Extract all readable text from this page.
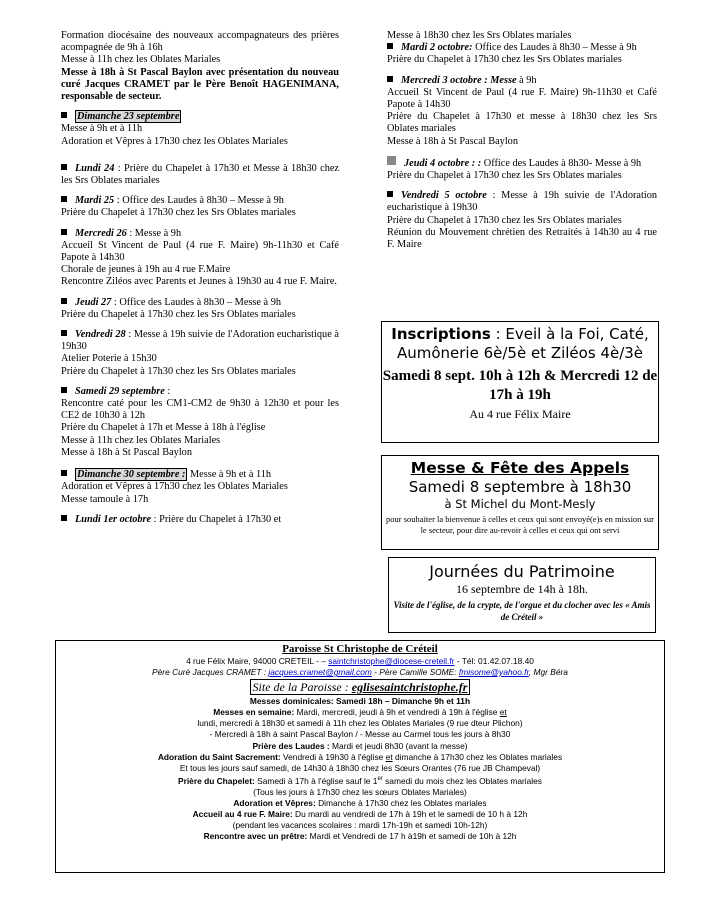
Formation diocésaine des nouveaux accompagnateurs des prières acompagnée de 9h à 16h
Messe à 11h chez les Oblates Mariales
Messe à 18h à St Pascal Baylon avec présentation du nouveau curé Jacques CRAMET par le Père Benoît HAGENIMANA, responsable de secteur.
Dimanche 23 septembre
Messe à 9h et à 11h
Adoration et Vêpres à 17h30 chez les Oblates Mariales
Lundi 24 : Prière du Chapelet à 17h30 et Messe à 18h30 chez les Srs Oblates mariales
Mardi 25 : Office des Laudes à 8h30 – Messe à 9h
Prière du Chapelet à 17h30 chez les Srs Oblates mariales
Mercredi 26 : Messe à 9h
Accueil St Vincent de Paul (4 rue F. Maire) 9h-11h30 et Café Papote à 14h30
Chorale de jeunes à 19h au 4 rue F.Maire
Rencontre Ziléos avec Parents et Jeunes à 19h30 au 4 rue F. Maire.
Jeudi 27 : Office des Laudes à 8h30 – Messe à 9h
Prière du Chapelet à 17h30 chez les Srs Oblates mariales
Vendredi 28 : Messe à 19h suivie de l'Adoration eucharistique à 19h30
Atelier Poterie à 15h30
Prière du Chapelet à 17h30 chez les Srs Oblates mariales
Samedi 29 septembre :
Rencontre caté pour les CM1-CM2 de 9h30 à 12h30 et pour les CE2 de 10h30 à 12h
Prière du Chapelet à 17h et Messe à 18h à l'église
Messe à 11h chez les Oblates Mariales
Messe à 18h à St Pascal Baylon
Dimanche 30 septembre : Messe à 9h et à 11h
Adoration et Vêpres à 17h30 chez les Oblates Mariales
Messe tamoule à 17h
Lundi 1er octobre : Prière du Chapelet à 17h30 et
Messe à 18h30 chez les Srs Oblates mariales
Mardi 2 octobre: Office des Laudes à 8h30 – Messe à 9h
Prière du Chapelet à 17h30 chez les Srs Oblates mariales
Mercredi 3 octobre : Messe à 9h
Accueil St Vincent de Paul (4 rue F. Maire) 9h-11h30 et Café Papote à 14h30
Prière du Chapelet à 17h30 et messe à 18h30 chez les Srs Oblates mariales
Messe à 18h à St Pascal Baylon
Jeudi 4 octobre : : Office des Laudes à 8h30- Messe à 9h
Prière du Chapelet à 17h30 chez les Srs Oblates mariales
Vendredi 5 octobre : Messe à 19h suivie de l'Adoration eucharistique à 19h30
Prière du Chapelet à 17h30 chez les Srs Oblates mariales
Réunion du Mouvement chrétien des Retraités à 14h30 au 4 rue F. Maire
Inscriptions : Eveil à la Foi, Caté, Aumônerie 6è/5è et Ziléos 4è/3è
Samedi 8 sept. 10h à 12h & Mercredi 12 de 17h à 19h
Au 4 rue Félix Maire
Messe & Fête des Appels
Samedi 8 septembre à 18h30
à St Michel du Mont-Mesly
pour souhaiter la bienvenue à celles et ceux qui sont envoyé(e)s en mission sur le secteur, pour dire au-revoir à celles et ceux qui ont servi
Journées du Patrimoine
16 septembre de 14h à 18h.
Visite de l'église, de la crypte, de l'orgue et du clocher avec les « Amis de Créteil »
Paroisse St Christophe de Créteil
4 rue Félix Maire, 94000 CRETEIL - – saintchristophe@diocese-creteil.fr - Tél: 01.42.07.18.40
Père Curé Jacques CRAMET : jacques.cramet@gmail.com - Père Camille SOME: fmisome@yahoo.fr, Mgr Béra
Site de la Paroisse : eglisesaintchristophe.fr
Messes dominicales: Samedi 18h – Dimanche 9h et 11h
Messes en semaine: Mardi, mercredi, jeudi à 9h et vendredi à 19h à l'église et
lundi, mercredi à 18h30 et samedi à 11h chez les Oblates Mariales (9 rue dteur Plichon)
- Mercredi à 18h à saint Pascal Baylon / - Messe au Carmel tous les jours à 8h30
Prière des Laudes : Mardi et jeudi 8h30 (avant la messe)
Adoration du Saint Sacrement: Vendredi à 19h30 à l'église et dimanche à 17h30 chez les Oblates mariales
Et tous les jours sauf samedi, de 14h30 à 18h30 chez les Sœurs Orantes (76 rue JB Champeval)
Prière du Chapelet: Samedi à 17h à l'église sauf le 1er samedi du mois chez les Oblates mariales
(Tous les jours à 17h30 chez les sœurs Oblates Mariales)
Adoration et Vêpres: Dimanche à 17h30 chez les Oblates mariales
Accueil au 4 rue F. Maire: Du mardi au vendredi de 17h à 19h et le samedi de 10 h à 12h
(pendant les vacances scolaires : mardi 17h-19h et samedi 10h-12h)
Rencontre avec un prêtre: Mardi et Vendredi de 17 h à19h et samedi de 10h à 12h
